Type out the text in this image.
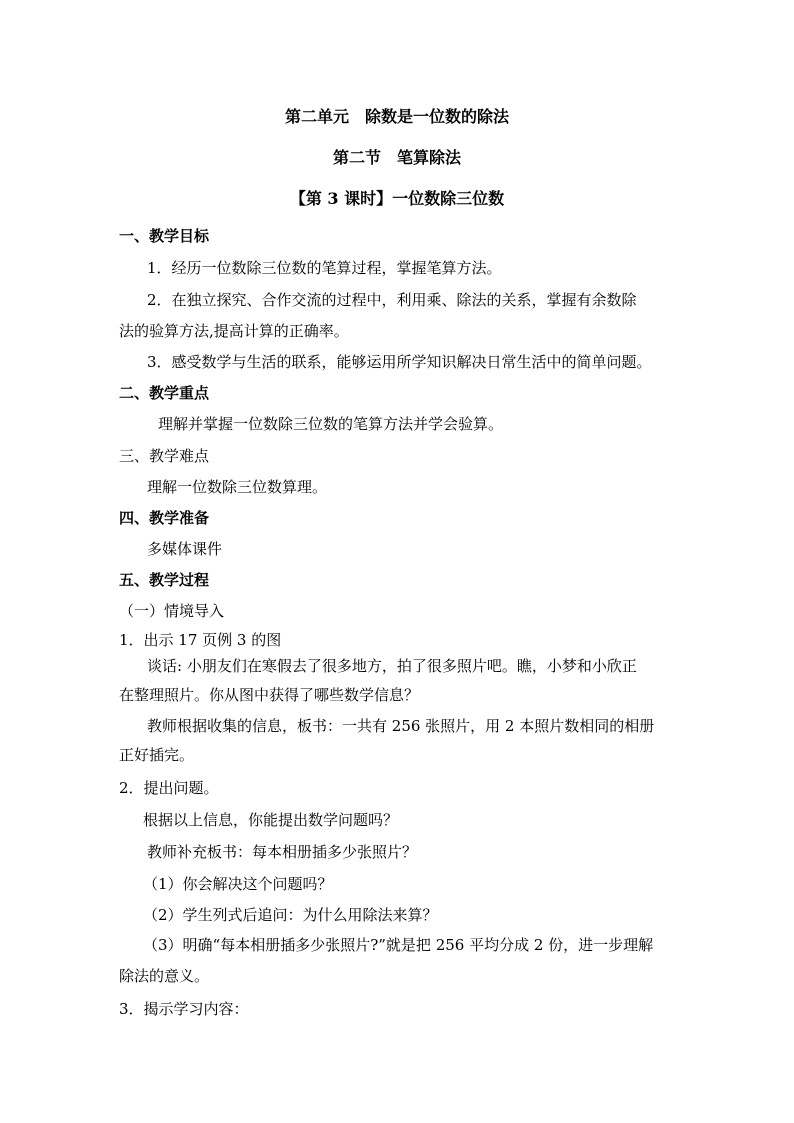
第二单元　除数是一位数的除法
第二节　笔算除法
【第 3 课时】一位数除三位数
一、教学目标
1．经历一位数除三位数的笔算过程，掌握笔算方法。
2．在独立探究、合作交流的过程中，利用乘、除法的关系，掌握有余数除
法的验算方法,提高计算的正确率。
3．感受数学与生活的联系，能够运用所学知识解决日常生活中的简单问题。
二、教学重点
理解并掌握一位数除三位数的笔算方法并学会验算。
三、教学难点
理解一位数除三位数算理。
四、教学准备
多媒体课件
五、教学过程
（一）情境导入
1．出示 17 页例 3 的图
谈话: 小朋友们在寒假去了很多地方，拍了很多照片吧。瞧，小梦和小欣正
在整理照片。你从图中获得了哪些数学信息？
教师根据收集的信息，板书：一共有 256 张照片，用 2 本照片数相同的相册
正好插完。
2．提出问题。
根据以上信息，你能提出数学问题吗？
教师补充板书：每本相册插多少张照片？
（1）你会解决这个问题吗？
（2）学生列式后追问：为什么用除法来算？
（3）明确“每本相册插多少张照片?”就是把 256 平均分成 2 份，进一步理解
除法的意义。
3．揭示学习内容：
